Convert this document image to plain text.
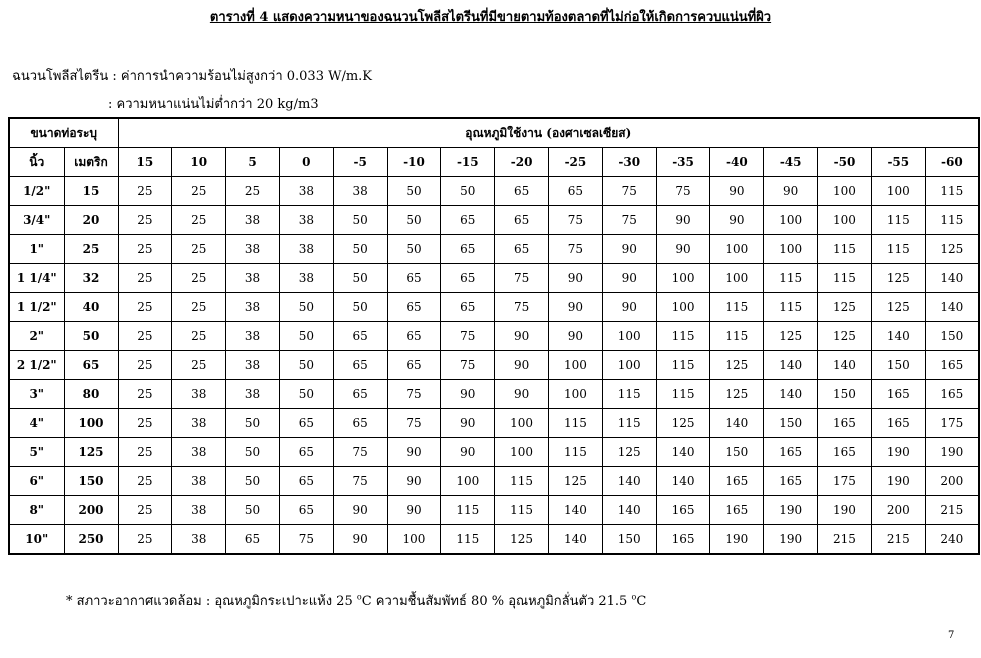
ตารางที่ 4 แสดงความหนาของฉนวนโพลีสไตรีนที่มีขายตามท้องตลาดที่ไม่ก่อให้เกิดการควบแน่นที่ผิว
ฉนวนโพลีสไตรีน : ค่าการนำความร้อนไม่สูงกว่า 0.033 W/m.K
: ความหนาแน่นไม่ต่ำกว่า 20 kg/m3
ขนาดท่อระบุ		อุณหภูมิใช้งาน (องศาเซลเซียส)															
นิ้ว	เมตริก	15	10	5	0	-5	-10	-15	-20	-25	-30	-35	-40	-45	-50	-55	-60
1/2"	15	25	25	25	38	38	50	50	65	65	75	75	90	90	100	100	115
3/4"	20	25	25	38	38	50	50	65	65	75	75	90	90	100	100	115	115
1"	25	25	25	38	38	50	50	65	65	75	90	90	100	100	115	115	125
1 1/4"	32	25	25	38	38	50	65	65	75	90	90	100	100	115	115	125	140
1 1/2"	40	25	25	38	50	50	65	65	75	90	90	100	115	115	125	125	140
2"	50	25	25	38	50	65	65	75	90	90	100	115	115	125	125	140	150
2 1/2"	65	25	25	38	50	65	65	75	90	100	100	115	125	140	140	150	165
3"	80	25	38	38	50	65	75	90	90	100	115	115	125	140	150	165	165
4"	100	25	38	50	65	65	75	90	100	115	115	125	140	150	165	165	175
5"	125	25	38	50	65	75	90	90	100	115	125	140	150	165	165	190	190
6"	150	25	38	50	65	75	90	100	115	125	140	140	165	165	175	190	200
8"	200	25	38	50	65	90	90	115	115	140	140	165	165	190	190	200	215
10"	250	25	38	65	75	90	100	115	125	140	150	165	190	190	215	215	240
* สภาวะอากาศแวดล้อม : อุณหภูมิกระเปาะแห้ง 25 $^o$C ความชื้นสัมพัทธ์ 80 % อุณหภูมิกลั่นตัว 21.5 $^o$C
7
